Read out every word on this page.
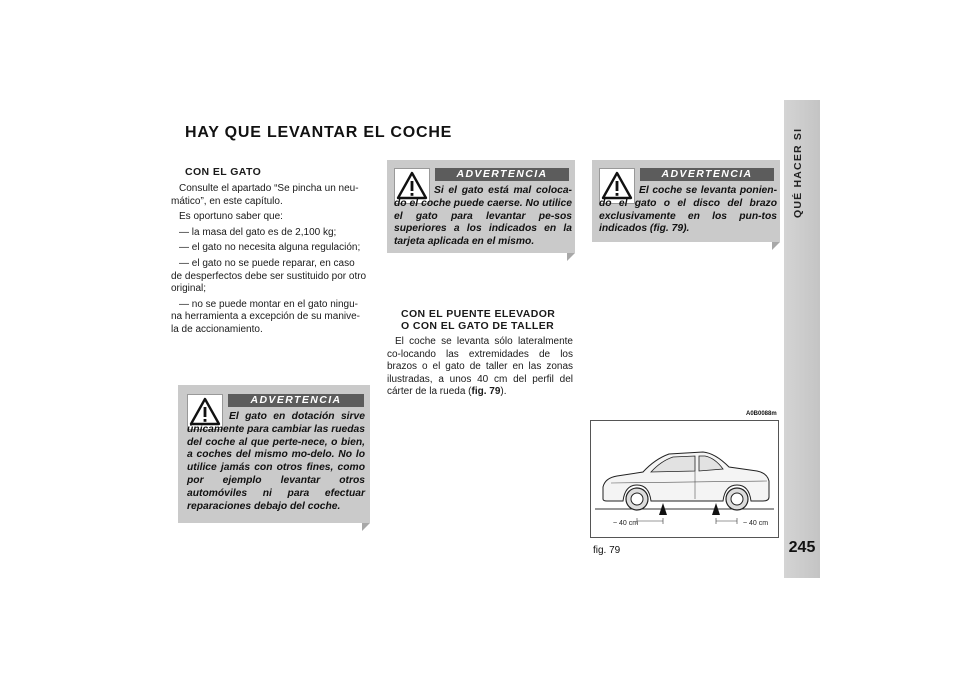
QUÉ HACER SI
245
HAY QUE LEVANTAR EL COCHE
CON EL GATO

Consulte el apartado “Se pincha un neu-mático”, en este capítulo.

Es oportuno saber que:

— la masa del gato es de 2,100 kg;

— el gato no necesita alguna regulación;

— el gato no se puede reparar, en caso de desperfectos debe ser sustituido por otro original;

— no se puede montar en el gato ningu-na herramienta a excepción de su manive-la de accionamiento.

ADVERTENCIA
El gato en dotación sirve únicamente para cambiar las ruedas del coche al que perte-nece, o bien, a coches del mismo mo-delo. No lo utilice jamás con otros fines, como por ejemplo levantar otros automóviles ni para efectuar reparaciones debajo del coche.
ADVERTENCIA
Si el gato está mal coloca-do el coche puede caerse. No utilice el gato para levantar pe-sos superiores a los indicados en la tarjeta aplicada en el mismo.
ADVERTENCIA
El coche se levanta ponien-do el gato o el disco del brazo exclusivamente en los pun-tos indicados (fig. 79).
CON EL PUENTE ELEVADOR
O CON EL GATO DE TALLER

El coche se levanta sólo lateralmente co-locando las extremidades de los brazos o el gato de taller en las zonas ilustradas, a unos 40 cm del perfil del cárter de la rueda (fig. 79).

A0B0088m
~ 40 cm	~ 40 cm
fig. 79
